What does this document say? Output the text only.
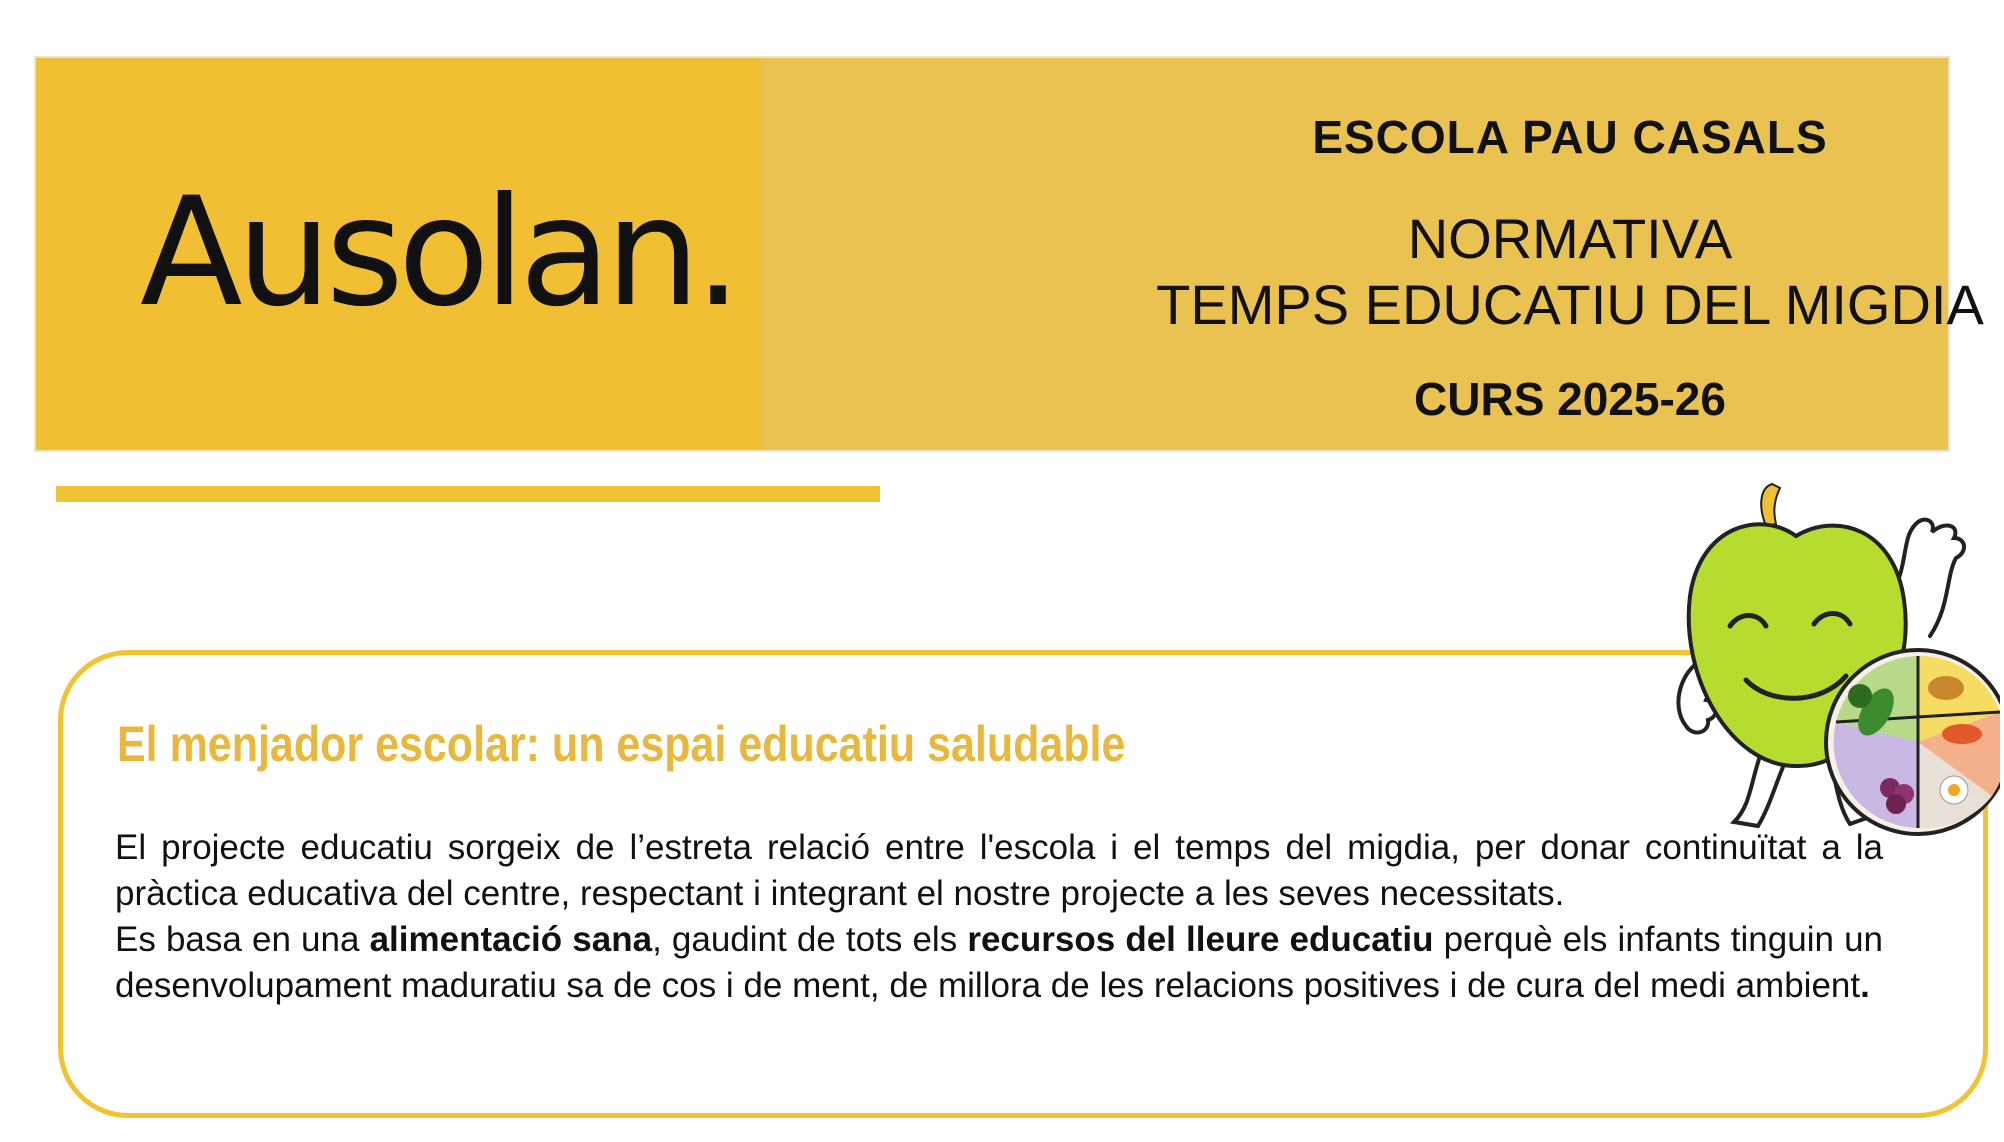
Ausolan.
ESCOLA PAU CASALS
NORMATIVA
TEMPS EDUCATIU DEL MIGDIA
CURS 2025-26
El menjador escolar: un espai educatiu saludable

El projecte educatiu sorgeix de l’estreta relació entre l'escola i el temps del migdia, per donar continuïtat a la pràctica educativa del centre, respectant i integrant el nostre projecte a les seves necessitats.

Es basa en una alimentació sana, gaudint de tots els recursos del lleure educatiu perquè els infants tinguin un desenvolupament maduratiu sa de cos i de ment, de millora de les relacions positives i de cura del medi ambient.
